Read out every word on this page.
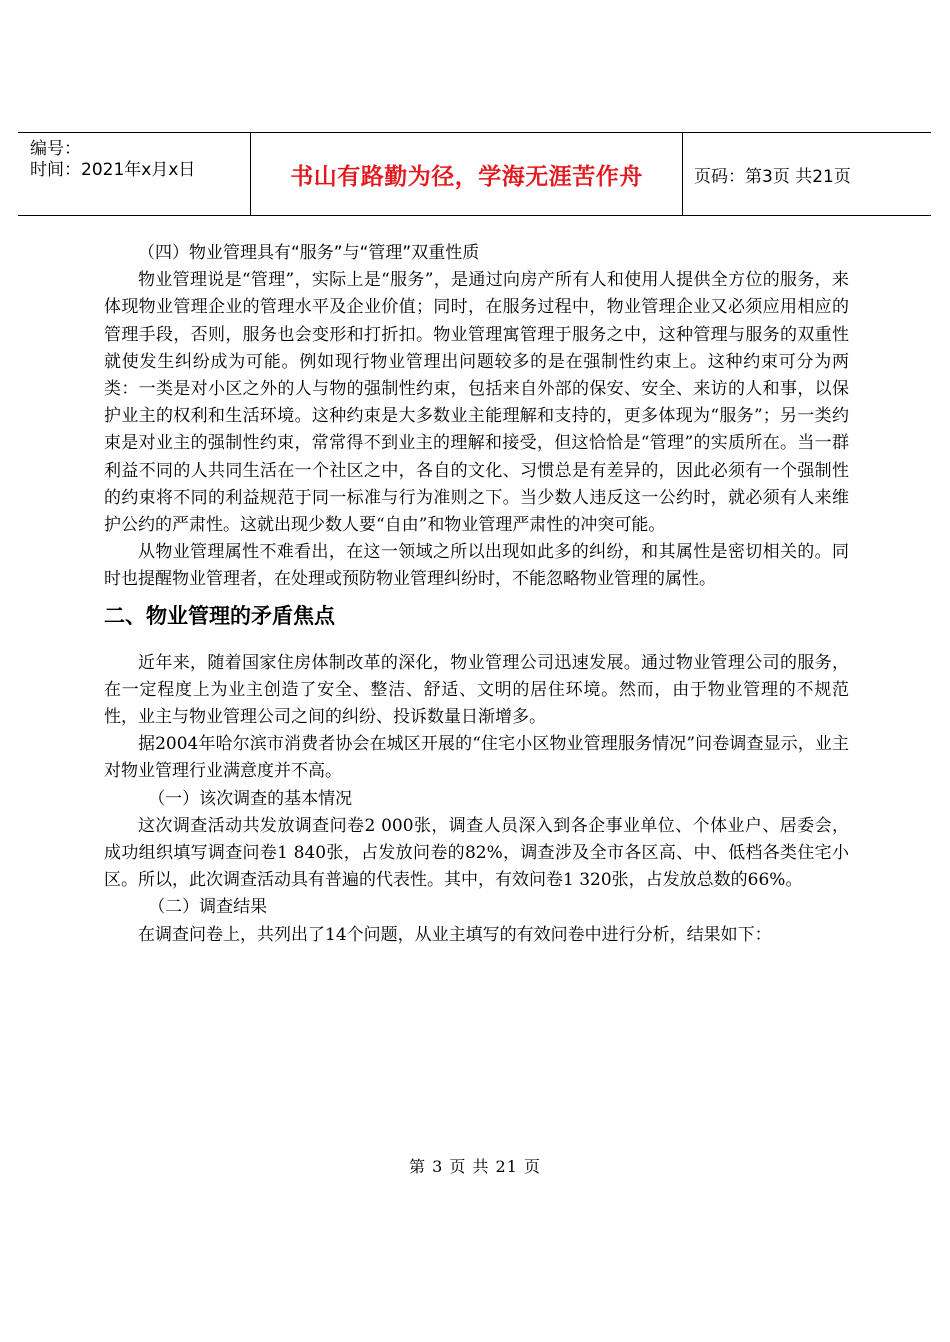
编号：
时间：2021年x月x日	书山有路勤为径，学海无涯苦作舟	页码：第3页 共21页

（四）物业管理具有“服务”与“管理”双重性质

物业管理说是“管理”，实际上是“服务”，是通过向房产所有人和使用人提供全方位的服务，来体现物业管理企业的管理水平及企业价值；同时，在服务过程中，物业管理企业又必须应用相应的管理手段，否则，服务也会变形和打折扣。物业管理寓管理于服务之中，这种管理与服务的双重性就使发生纠纷成为可能。例如现行物业管理出问题较多的是在强制性约束上。这种约束可分为两类：一类是对小区之外的人与物的强制性约束，包括来自外部的保安、安全、来访的人和事，以保护业主的权利和生活环境。这种约束是大多数业主能理解和支持的，更多体现为“服务”；另一类约束是对业主的强制性约束，常常得不到业主的理解和接受，但这恰恰是“管理”的实质所在。当一群利益不同的人共同生活在一个社区之中，各自的文化、习惯总是有差异的，因此必须有一个强制性的约束将不同的利益规范于同一标准与行为准则之下。当少数人违反这一公约时，就必须有人来维护公约的严肃性。这就出现少数人要“自由”和物业管理严肃性的冲突可能。

从物业管理属性不难看出，在这一领域之所以出现如此多的纠纷，和其属性是密切相关的。同时也提醒物业管理者，在处理或预防物业管理纠纷时，不能忽略物业管理的属性。

二、物业管理的矛盾焦点

近年来，随着国家住房体制改革的深化，物业管理公司迅速发展。通过物业管理公司的服务，在一定程度上为业主创造了安全、整洁、舒适、文明的居住环境。然而，由于物业管理的不规范性，业主与物业管理公司之间的纠纷、投诉数量日渐增多。

据2004年哈尔滨市消费者协会在城区开展的“住宅小区物业管理服务情况”问卷调查显示，业主对物业管理行业满意度并不高。

（一）该次调查的基本情况

这次调查活动共发放调查问卷2 000张，调查人员深入到各企事业单位、个体业户、居委会，成功组织填写调查问卷1 840张，占发放问卷的82%，调查涉及全市各区高、中、低档各类住宅小区。所以，此次调查活动具有普遍的代表性。其中，有效问卷1 320张，占发放总数的66%。

（二）调查结果

在调查问卷上，共列出了14个问题，从业主填写的有效问卷中进行分析，结果如下：

第 3 页 共 21 页
